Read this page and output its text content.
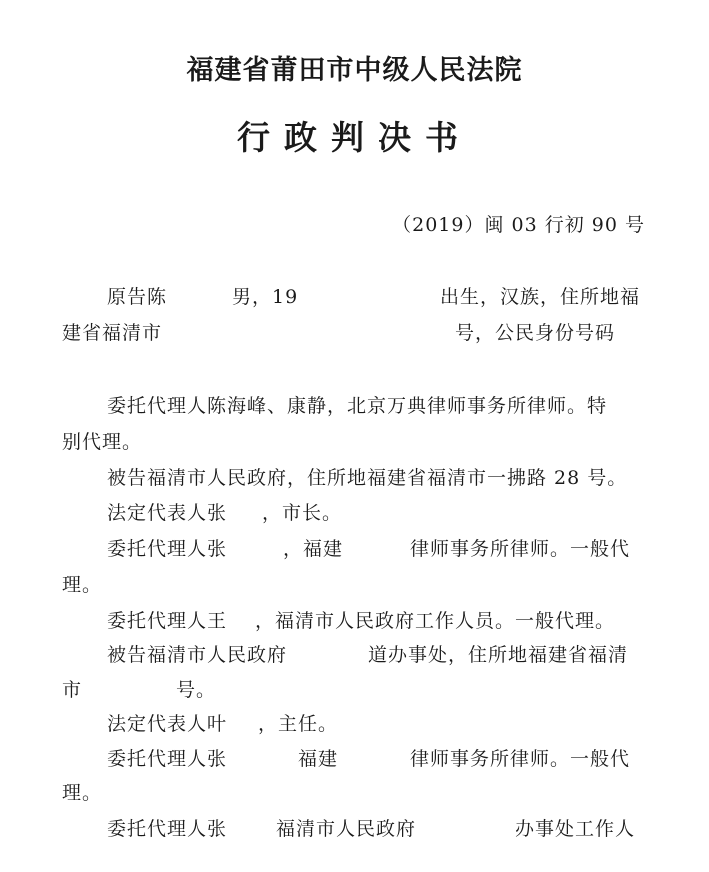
福建省莆田市中级人民法院
行政判决书
（2019）闽 03 行初 90 号
原告陈	男，19	出生，汉族，住所地福
建省福清市	号，公民身份号码
委托代理人陈海峰、康静，北京万典律师事务所律师。特
别代理。
被告福清市人民政府，住所地福建省福清市一拂路 28 号。
法定代表人张 ，市长。
委托代理人张	，福建	律师事务所律师。一般代
理。
委托代理人王 ，福清市人民政府工作人员。一般代理。
被告福清市人民政府	道办事处，住所地福建省福清
市	号。
法定代表人叶 ，主任。
委托代理人张	福建	律师事务所律师。一般代
理。
委托代理人张	福清市人民政府	办事处工作人
